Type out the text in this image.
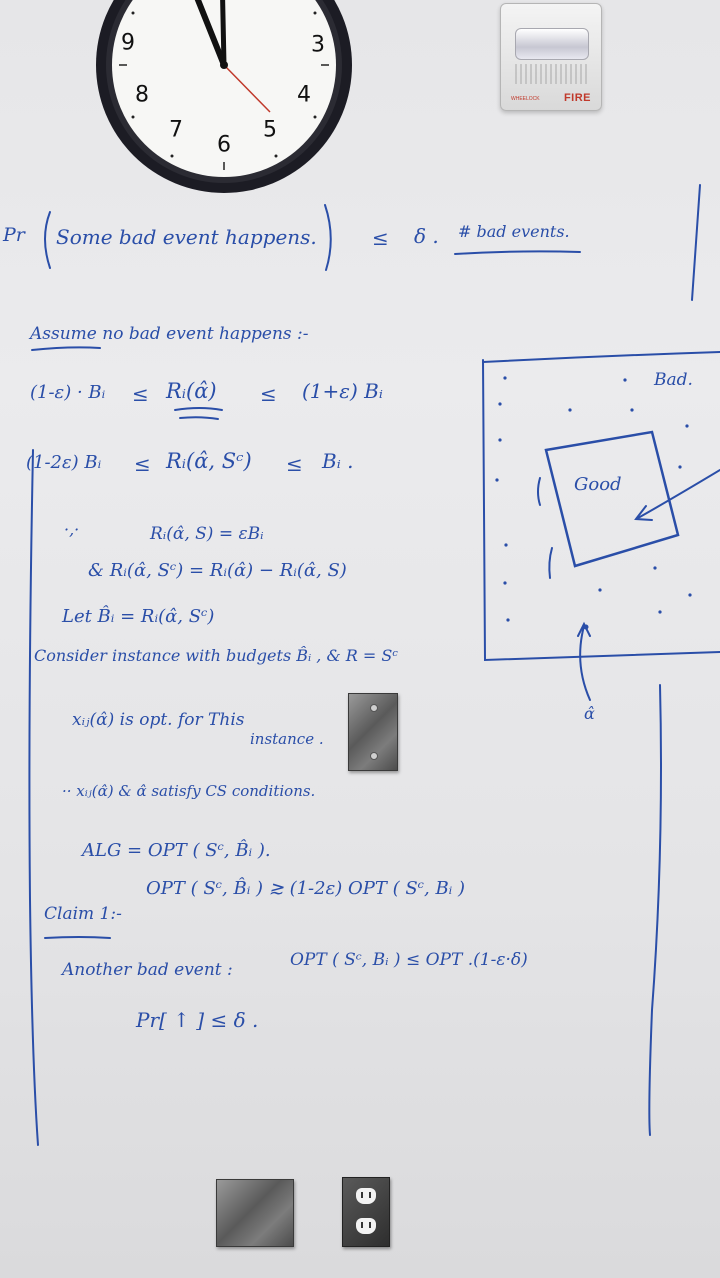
9	3
8	4
7
6
5
WHEELOCK FIRE
Pr Some bad event happens.	≤ δ . # bad events.
Assume no bad event happens :-
(1-ε) · Bᵢ ≤ Rᵢ(α̂) ≤ (1+ε) Bᵢ
(1-2ε) Bᵢ ≤ Rᵢ(α̂, Sᶜ) ≤ Bᵢ .
·,·	Rᵢ(α̂, S) = εBᵢ
& Rᵢ(α̂, Sᶜ) = Rᵢ(α̂) − Rᵢ(α̂, S)
Let B̂ᵢ = Rᵢ(α̂, Sᶜ)
Consider instance with budgets B̂ᵢ , & R = Sᶜ
xᵢⱼ(α̂) is opt. for This
instance .
·· xᵢⱼ(α̂) & α̂ satisfy CS conditions.
ALG = OPT ( Sᶜ, B̂ᵢ ).
Claim 1:-
OPT ( Sᶜ, B̂ᵢ ) ≳ (1-2ε) OPT ( Sᶜ, Bᵢ )
Another bad event :	OPT ( Sᶜ, Bᵢ ) ≤ OPT .(1-ε·δ)
Pr[ ↑ ] ≤ δ .
Bad.
Good
α̂
